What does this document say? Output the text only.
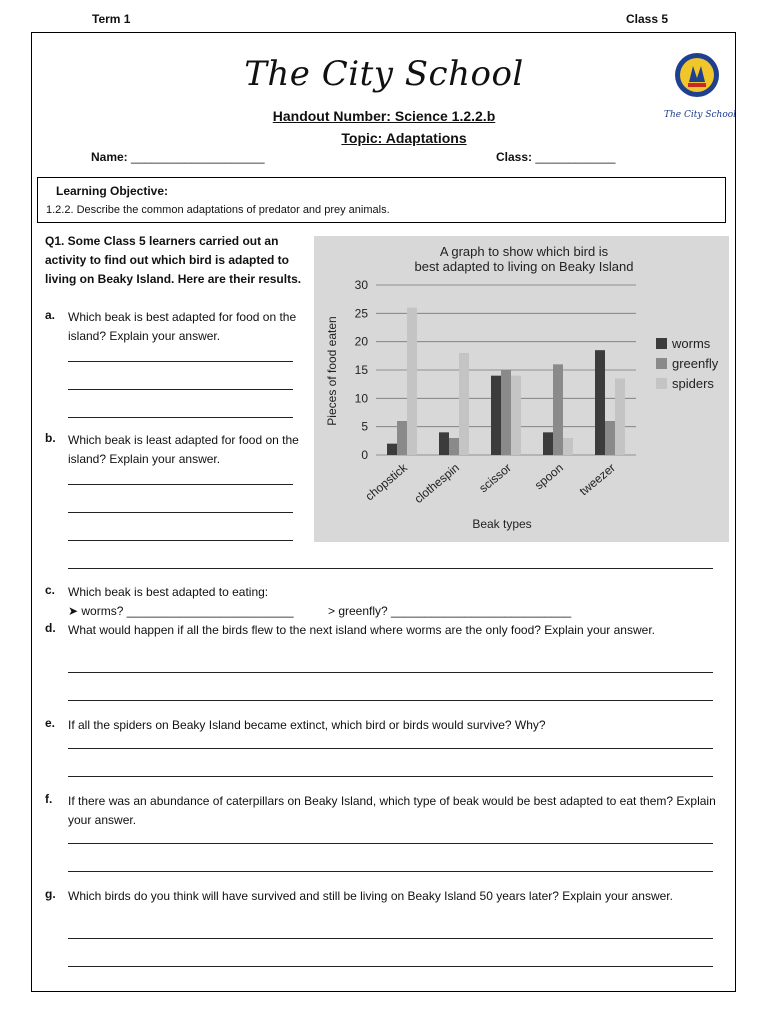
Term 1	Class 5
The City School
The City School
Handout Number: Science 1.2.2.b
Topic: Adaptations
Name: ____________________	Class: ____________
Learning Objective:
1.2.2. Describe the common adaptations of predator and prey animals.
Q1. Some Class 5 learners carried out an activity to find out which bird is adapted to living on Beaky Island. Here are their results.
a. Which beak is best adapted for food on the island? Explain your answer.
b. Which beak is least adapted for food on the island? Explain your answer.
A graph to show which bird is best adapted to living on Beaky Island
0
5
10
15
20
25
30
chopstick clothespin scissor spoon tweezer
worms
greenfly
spiders
Pieces of food eaten
Beak types
c. Which beak is best adapted to eating:
➤ worms? _________________________	> greenfly? ___________________________
d. What would happen if all the birds flew to the next island where worms are the only food? Explain your answer.
e. If all the spiders on Beaky Island became extinct, which bird or birds would survive? Why?
f. If there was an abundance of caterpillars on Beaky Island, which type of beak would be best adapted to eat them? Explain your answer.
g. Which birds do you think will have survived and still be living on Beaky Island 50 years later? Explain your answer.
